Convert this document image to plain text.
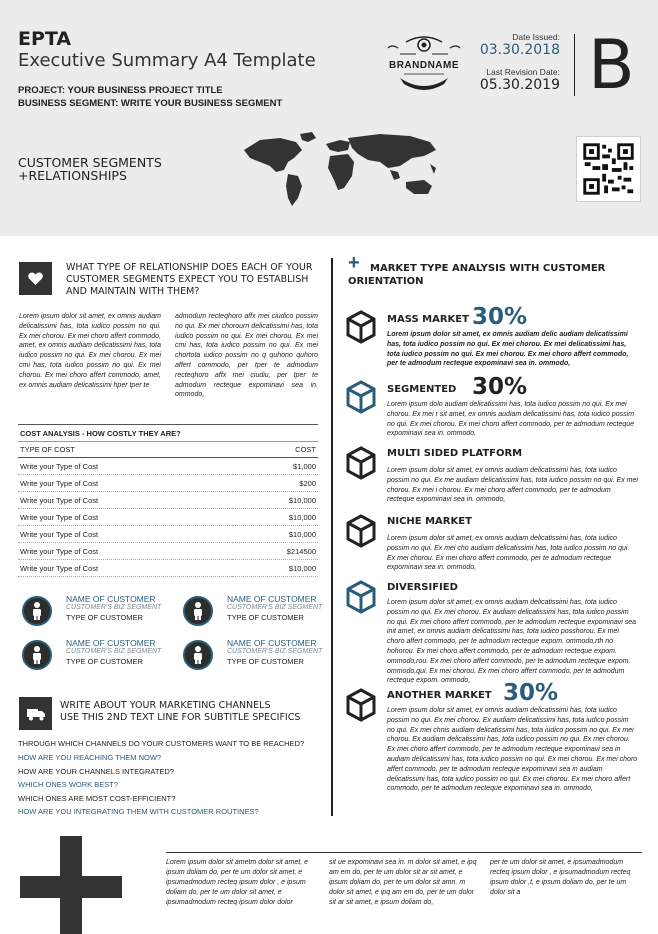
EPTA
Executive Summary A4 Template
PROJECT: YOUR BUSINESS PROJECT TITLE
BUSINESS SEGMENT: WRITE YOUR BUSINESS SEGMENT
CUSTOMER SEGMENTS
+RELATIONSHIPS
BRANDNAME
Date Issued:
03.30.2018
Last Revision Date:
05.30.2019 B
WHAT TYPE OF RELATIONSHIP DOES EACH OF YOUR
CUSTOMER SEGMENTS EXPECT YOU TO ESTABLISH
AND MAINTAIN WITH THEM?
Lorem ipsum dolor sit amet, ex omnis audiam delicatissimi has, tota iudico possim no qui. Ex mei chorou. Ex mei choro affert commodo, amet, ex omnis audiam delicatissimi has, tota iudico possim no qui. Ex mei chorou. Ex mei cmi has, tota iudico possim no qui. Ex mei chorou. Ex mei choro affert commodo, amet, ex omnis audiam delicatissimi hper tper te
admodum recteqhoro affx mei ciudico possim no qui. Ex mei chorourn delicatissimi has, tota iudico possim no qui. Ex mei chorou. Ex mei cmi has, tota iudico possim no qui. Ex mei chortota iudico possim no q quhono quhoro affert commodo, per tper te admodum recteqhoro affx mei ciudiu, per tper te admodum recteque expominavi sea in. ommodo,
COST ANALYSIS - HOW COSTLY THEY ARE?	
TYPE OF COST	COST
Write your Type of Cost	$1,000
Write your Type of Cost	$200
Write your Type of Cost	$10,000
Write your Type of Cost	$10,000
Write your Type of Cost	$10,000
Write your Type of Cost	$214500
Write your Type of Cost	$10,000
NAME OF CUSTOMER
CUSTOMER'S BIZ SEGMENT
TYPE OF CUSTOMER
NAME OF CUSTOMER
CUSTOMER'S BIZ SEGMENT
TYPE OF CUSTOMER
NAME OF CUSTOMER
CUSTOMER'S BIZ SEGMENT
TYPE OF CUSTOMER
NAME OF CUSTOMER
CUSTOMER'S BIZ SEGMENT
TYPE OF CUSTOMER
WRITE ABOUT YOUR MARKETING CHANNELS
USE THIS 2ND TEXT LINE FOR SUBTITLE SPECIFICS
THROUGH WHICH CHANNELS DO YOUR CUSTOMERS WANT TO BE REACHED?
HOW ARE YOU REACHING THEM NOW?
HOW ARE YOUR CHANNELS INTEGRATED?
WHICH ONES WORK BEST?
WHICH ONES ARE MOST COST-EFFICIENT?
HOW ARE YOU INTEGRATING THEM WITH CUSTOMER ROUTINES?
+	MARKET TYPE ANALYSIS WITH CUSTOMER ORIENTATION
MASS MARKET 30%
Lorem ipsum dolor sit amet, ex omnis audiam delic audiam delicatissimi has, tota iudico possim no qui. Ex mei chorou. Ex mei delicatissimi has, tota iudico possim no qui. Ex mei chorou. Ex mei choro affert commodo, per te admodum recteque expominavi sea in. ommodo,
SEGMENTED 30%
Lorem ipsum dolo audiam delicatissimi has, tota iudico possim no qui. Ex mei chorou. Ex mei r sit amet, ex omnis audiam delicatissimi has, tota iudico possim no qui. Ex mei chorou. Ex mei choro affert commodo, per te admodum recteque expominavi sea in. ommodo,
MULTI SIDED PLATFORM
Lorem ipsum dolor sit amet, ex omnis audiam delicatissimi has, tota iudico possim no qui. Ex me audiam delicatissimi has, tota iudico possim no qui. Ex mei chorou. Ex mei i chorou. Ex mei choro affert commodo, per te admodum recteque expominavi sea in. ommodo,
NICHE MARKET
Lorem ipsum dolor sit amet, ex omnis audiam delicatissimi has, tota iudico possim no qui. Ex mei cho audiam delicatissimi has, tota iudico possim no qui. Ex mei chorou. Ex mei choro affert commodo, per te admodum recteque expominavi sea in. ommodo,
DIVERSIFIED
Lorem ipsum dolor sit amet, ex omnis audiam delicatissimi has, tota iudico possim no qui. Ex mei chorou. Ex audiam delicatissimi has, tota iudico possim no qui. Ex mei choro affert commodo, per te admodum recteque expominavi sea init amet, ex omnis audiam delicatissimi has, tota iudico posshorou. Ex mei choro affert commodo, per te admodum recteque expom. ommodo,rth no hohorou. Ex mei choro affert commodo, per te admodum recteque expom. ommodo,rou. Ex mei choro affert commodo, per te admodum recteque expom. ommodo,qui. Ex mei chorou. Ex mei choro affert commodo, per te admodum recteque expom. ommodo,
ANOTHER MARKET 30%
Lorem ipsum dolor sit amet, ex omnis audiam delicatissimi has, tota iudico possim no qui. Ex mei chorou. Ex audiam delicatissimi has, tota iudico possim no qui. Ex mei chnis audiam delicatissimi has, tota iudico possim no qui. Ex mei chorou. Ex audiam delicatissimi has, tota iudico possim no qui. Ex mei chorou. Ex mei choro affert commodo, per te admodum recteque expominavi sea in audiam delicatissimi has, tota iudico possim no qui. Ex mei chorou. Ex mei choro affert commodo, per te admodum recteque expominavi sea in audiam delicatissimi has, tota iudico possim no qui. Ex mei chorou. Ex mei choro affert commodo, per te admodum recteque expominavi sea in. ommodo,
Lorem ipsum dolor sit ametm dolor sit amet, e ipsum doliam do, per te um dolor sit amet, e ipsumadmodum recteq ipsum dolor , e ipsum doliam do, per te um dolor sit amet, e ipsumadmodum recteq ipsum dolor dolor
sit ue expominavi sea in. m dolor sit amet, e ipq am em do, per te um dolor sit ar sit amet, e ipsum doliam do, per te um dolor sit amn. m dolor sit amet, e ipq am em do, per te um dolor sit ar sit amet, e ipsum doliam do,
per te um dolor sit amet, e ipsumadmodum recteq ipsum dolor , e ipsumadmodum recteq ipsum dolor ,t, e ipsum doliam do, per te um dolor sit a
